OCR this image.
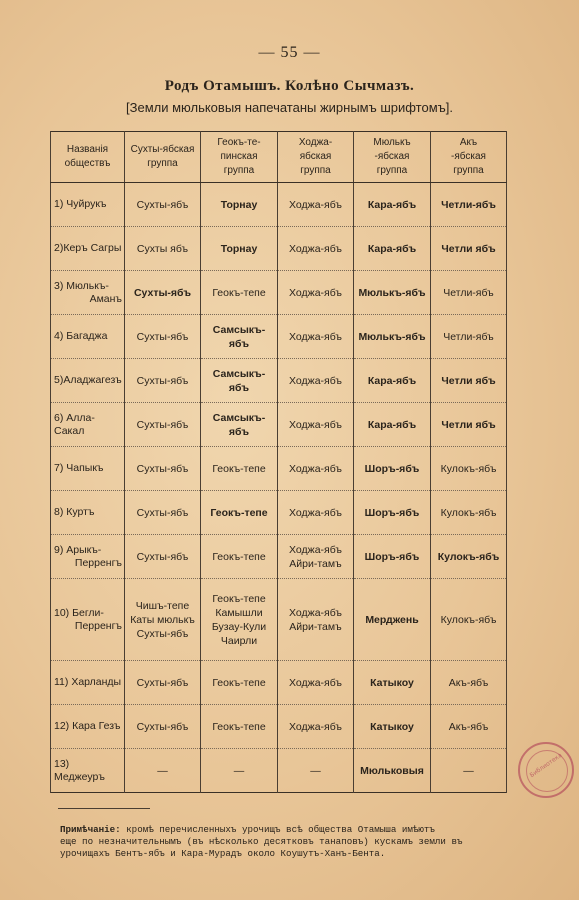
— 55 —
Родъ Отамышъ. Колѣно Сычмазъ.
[Земли мюльковыя напечатаны жирнымъ шрифтомъ].
Названія
обществъ	Сухты-ябская группа	Геокъ-те-
пинская
группа	Ходжа-
ябская
группа	Мюлькъ
-ябская
группа	Акъ
-ябская
группа

1) Чуйрукъ	Сухты-ябъ	Торнау	Ходжа-ябъ	Кара-ябъ	Четли-ябъ

2)Керъ Сагры	Сухты ябъ	Торнау	Ходжа-ябъ	Кара-ябъ	Четли ябъ

3) Мюлькъ-
Аманъ	Сухты-ябъ	Геокъ-тепе	Ходжа-ябъ	Мюлькъ-ябъ	Четли-ябъ

4) Багаджа	Сухты-ябъ	Самсыкъ-ябъ	Ходжа-ябъ	Мюлькъ-ябъ	Четли-ябъ

5)Аладжагезъ	Сухты-ябъ	Самсыкъ-ябъ	Ходжа-ябъ	Кара-ябъ	Четли ябъ

6) Алла-Сакал	Сухты-ябъ	Самсыкъ-ябъ	Ходжа-ябъ	Кара-ябъ	Четли ябъ

7) Чапыкъ	Сухты-ябъ	Геокъ-тепе	Ходжа-ябъ	Шоръ-ябъ	Кулокъ-ябъ

8) Куртъ	Сухты-ябъ	Геокъ-тепе	Ходжа-ябъ	Шоръ-ябъ	Кулокъ-ябъ

9) Арыкъ-
Перренгъ	Сухты-ябъ	Геокъ-тепе	Ходжа-ябъ
Айри-тамъ	Шоръ-ябъ	Кулокъ-ябъ

10) Бегли-
Перренгъ	Чишъ-тепе
Каты мюлькъ
Сухты-ябъ	Геокъ-тепе
Камышли
Бузау-Кули
Чаирли	Ходжа-ябъ
Айри-тамъ	Мерджень	Кулокъ-ябъ

11) Харланды	Сухты-ябъ	Геокъ-тепе	Ходжа-ябъ	Катыкоу	Акъ-ябъ

12) Кара Гезъ	Сухты-ябъ	Геокъ-тепе	Ходжа-ябъ	Катыкоу	Акъ-ябъ

13) Меджеуръ	—	—	—	Мюльковыя	—
Примѣчаніе: кромѣ перечисленныхъ урочищъ всѣ общества Отамыша имѣютъ
еще по незначительнымъ (въ нѣсколько десятковъ танаповъ) кускамъ земли въ
урочищахъ Бентъ-ябъ и Кара-Мурадъ около Коушутъ-Ханъ-Бента.
Библиотека
